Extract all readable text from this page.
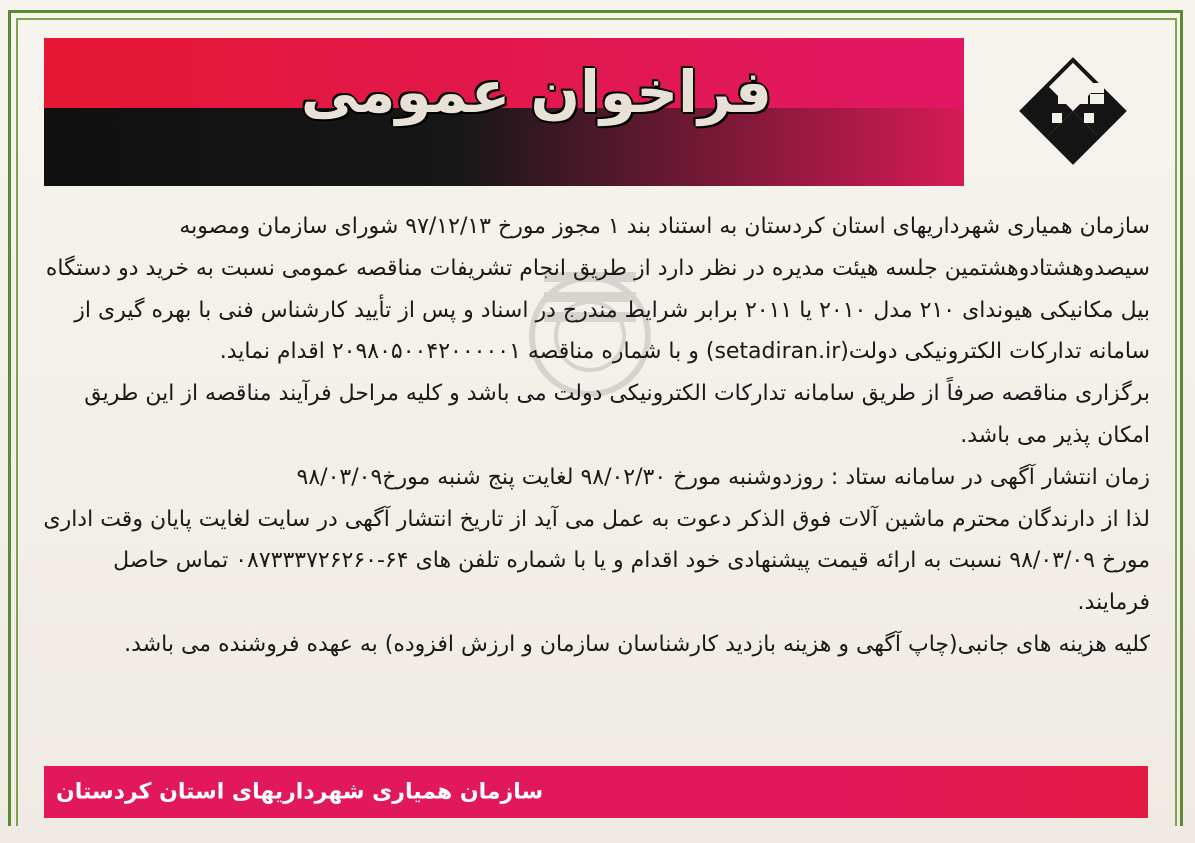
فراخوان عمومی

سازمان همیاری شهرداریهای استان کردستان به استناد بند ۱ مجوز مورخ ۹۷/۱۲/۱۳ شورای سازمان ومصوبه سیصدوهشتادوهشتمین جلسه هیئت مدیره در نظر دارد از طریق انجام تشریفات مناقصه عمومی نسبت به خرید دو دستگاه بیل مکانیکی هیوندای ۲۱۰ مدل ۲۰۱۰ یا ۲۰۱۱ برابر شرایط مندرج در اسناد و پس از تأیید کارشناس فنی با بهره گیری از سامانه تدارکات الکترونیکی دولت(setadiran.ir) و با شماره مناقصه ۲۰۹۸۰۵۰۰۴۲۰۰۰۰۰۱ اقدام نماید.

برگزاری مناقصه صرفاً از طریق سامانه تدارکات الکترونیکی دولت می باشد و کلیه مراحل فرآیند مناقصه از این طریق امکان پذیر می باشد.

زمان انتشار آگهی در سامانه ستاد : روزدوشنبه مورخ ۹۸/۰۲/۳۰ لغایت پنج شنبه مورخ۹۸/۰۳/۰۹

لذا از دارندگان محترم ماشین آلات فوق الذکر دعوت به عمل می آید از تاریخ انتشار آگهی در سایت لغایت پایان وقت اداری مورخ ۹۸/۰۳/۰۹ نسبت به ارائه قیمت پیشنهادی خود اقدام و یا با شماره تلفن های ۶۴-۰۸۷۳۳۳۷۲۶۲۶۰ تماس حاصل فرمایند.

کلیه هزینه های جانبی(چاپ آگهی و هزینه بازدید کارشناسان سازمان و ارزش افزوده) به عهده فروشنده می باشد.

سازمان همیاری شهرداریهای استان کردستان
